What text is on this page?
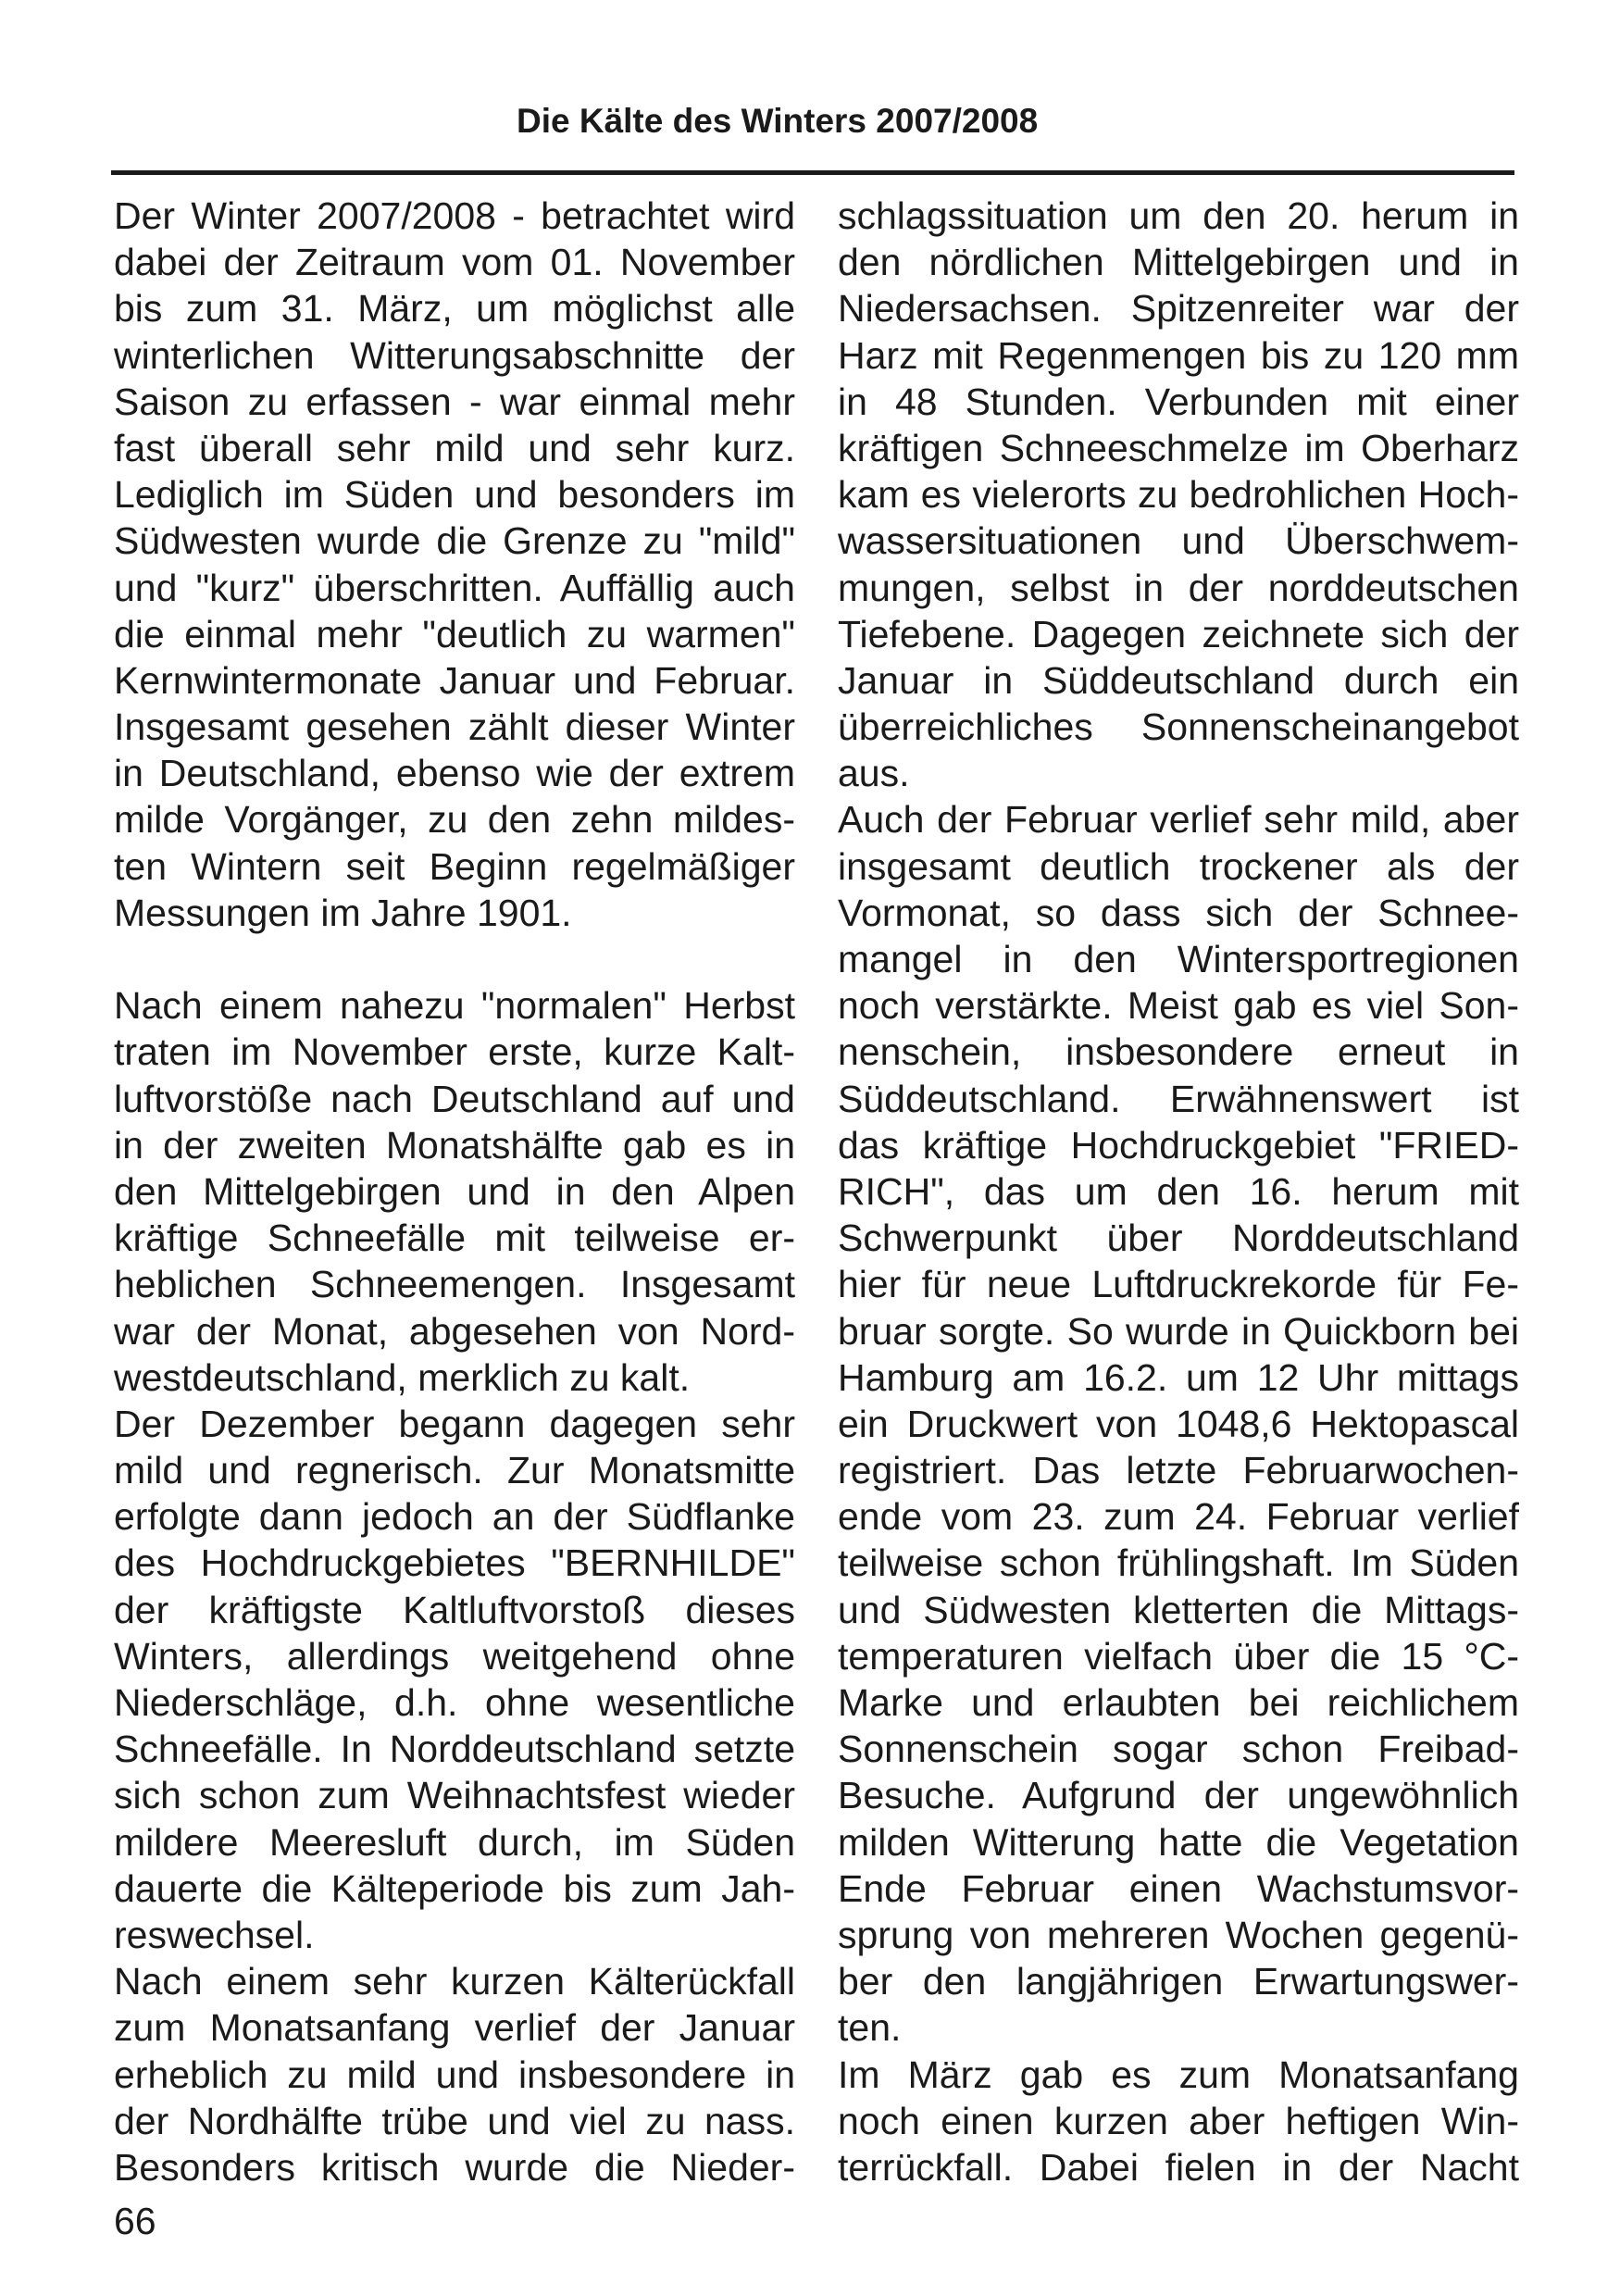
Die Kälte des Winters 2007/2008
Der Winter 2007/2008 - betrachtet wird
dabei der Zeitraum vom 01. November
bis zum 31. März, um möglichst alle
winterlichen Witterungsabschnitte der
Saison zu erfassen - war einmal mehr
fast überall sehr mild und sehr kurz.
Lediglich im Süden und besonders im
Südwesten wurde die Grenze zu "mild"
und "kurz" überschritten. Auffällig auch
die einmal mehr "deutlich zu warmen"
Kernwintermonate Januar und Februar.
Insgesamt gesehen zählt dieser Winter
in Deutschland, ebenso wie der extrem
milde Vorgänger, zu den zehn mildes-
ten Wintern seit Beginn regelmäßiger
Messungen im Jahre 1901.
Nach einem nahezu "normalen" Herbst
traten im November erste, kurze Kalt-
luftvorstöße nach Deutschland auf und
in der zweiten Monatshälfte gab es in
den Mittelgebirgen und in den Alpen
kräftige Schneefälle mit teilweise er-
heblichen Schneemengen. Insgesamt
war der Monat, abgesehen von Nord-
westdeutschland, merklich zu kalt.
Der Dezember begann dagegen sehr
mild und regnerisch. Zur Monatsmitte
erfolgte dann jedoch an der Südflanke
des Hochdruckgebietes "BERNHILDE"
der kräftigste Kaltluftvorstoß dieses
Winters, allerdings weitgehend ohne
Niederschläge, d.h. ohne wesentliche
Schneefälle. In Norddeutschland setzte
sich schon zum Weihnachtsfest wieder
mildere Meeresluft durch, im Süden
dauerte die Kälteperiode bis zum Jah-
reswechsel.
Nach einem sehr kurzen Kälterückfall
zum Monatsanfang verlief der Januar
erheblich zu mild und insbesondere in
der Nordhälfte trübe und viel zu nass.
Besonders kritisch wurde die Nieder-
schlagssituation um den 20. herum in
den nördlichen Mittelgebirgen und in
Niedersachsen. Spitzenreiter war der
Harz mit Regenmengen bis zu 120 mm
in 48 Stunden. Verbunden mit einer
kräftigen Schneeschmelze im Oberharz
kam es vielerorts zu bedrohlichen Hoch-
wassersituationen und Überschwem-
mungen, selbst in der norddeutschen
Tiefebene. Dagegen zeichnete sich der
Januar in Süddeutschland durch ein
überreichliches Sonnenscheinangebot
aus.
Auch der Februar verlief sehr mild, aber
insgesamt deutlich trockener als der
Vormonat, so dass sich der Schnee-
mangel in den Wintersportregionen
noch verstärkte. Meist gab es viel Son-
nenschein, insbesondere erneut in
Süddeutschland. Erwähnenswert ist
das kräftige Hochdruckgebiet "FRIED-
RICH", das um den 16. herum mit
Schwerpunkt über Norddeutschland
hier für neue Luftdruckrekorde für Fe-
bruar sorgte. So wurde in Quickborn bei
Hamburg am 16.2. um 12 Uhr mittags
ein Druckwert von 1048,6 Hektopascal
registriert. Das letzte Februarwochen-
ende vom 23. zum 24. Februar verlief
teilweise schon frühlingshaft. Im Süden
und Südwesten kletterten die Mittags-
temperaturen vielfach über die 15 °C-
Marke und erlaubten bei reichlichem
Sonnenschein sogar schon Freibad-
Besuche. Aufgrund der ungewöhnlich
milden Witterung hatte die Vegetation
Ende Februar einen Wachstumsvor-
sprung von mehreren Wochen gegenü-
ber den langjährigen Erwartungswer-
ten.
Im März gab es zum Monatsanfang
noch einen kurzen aber heftigen Win-
terrückfall. Dabei fielen in der Nacht
66
